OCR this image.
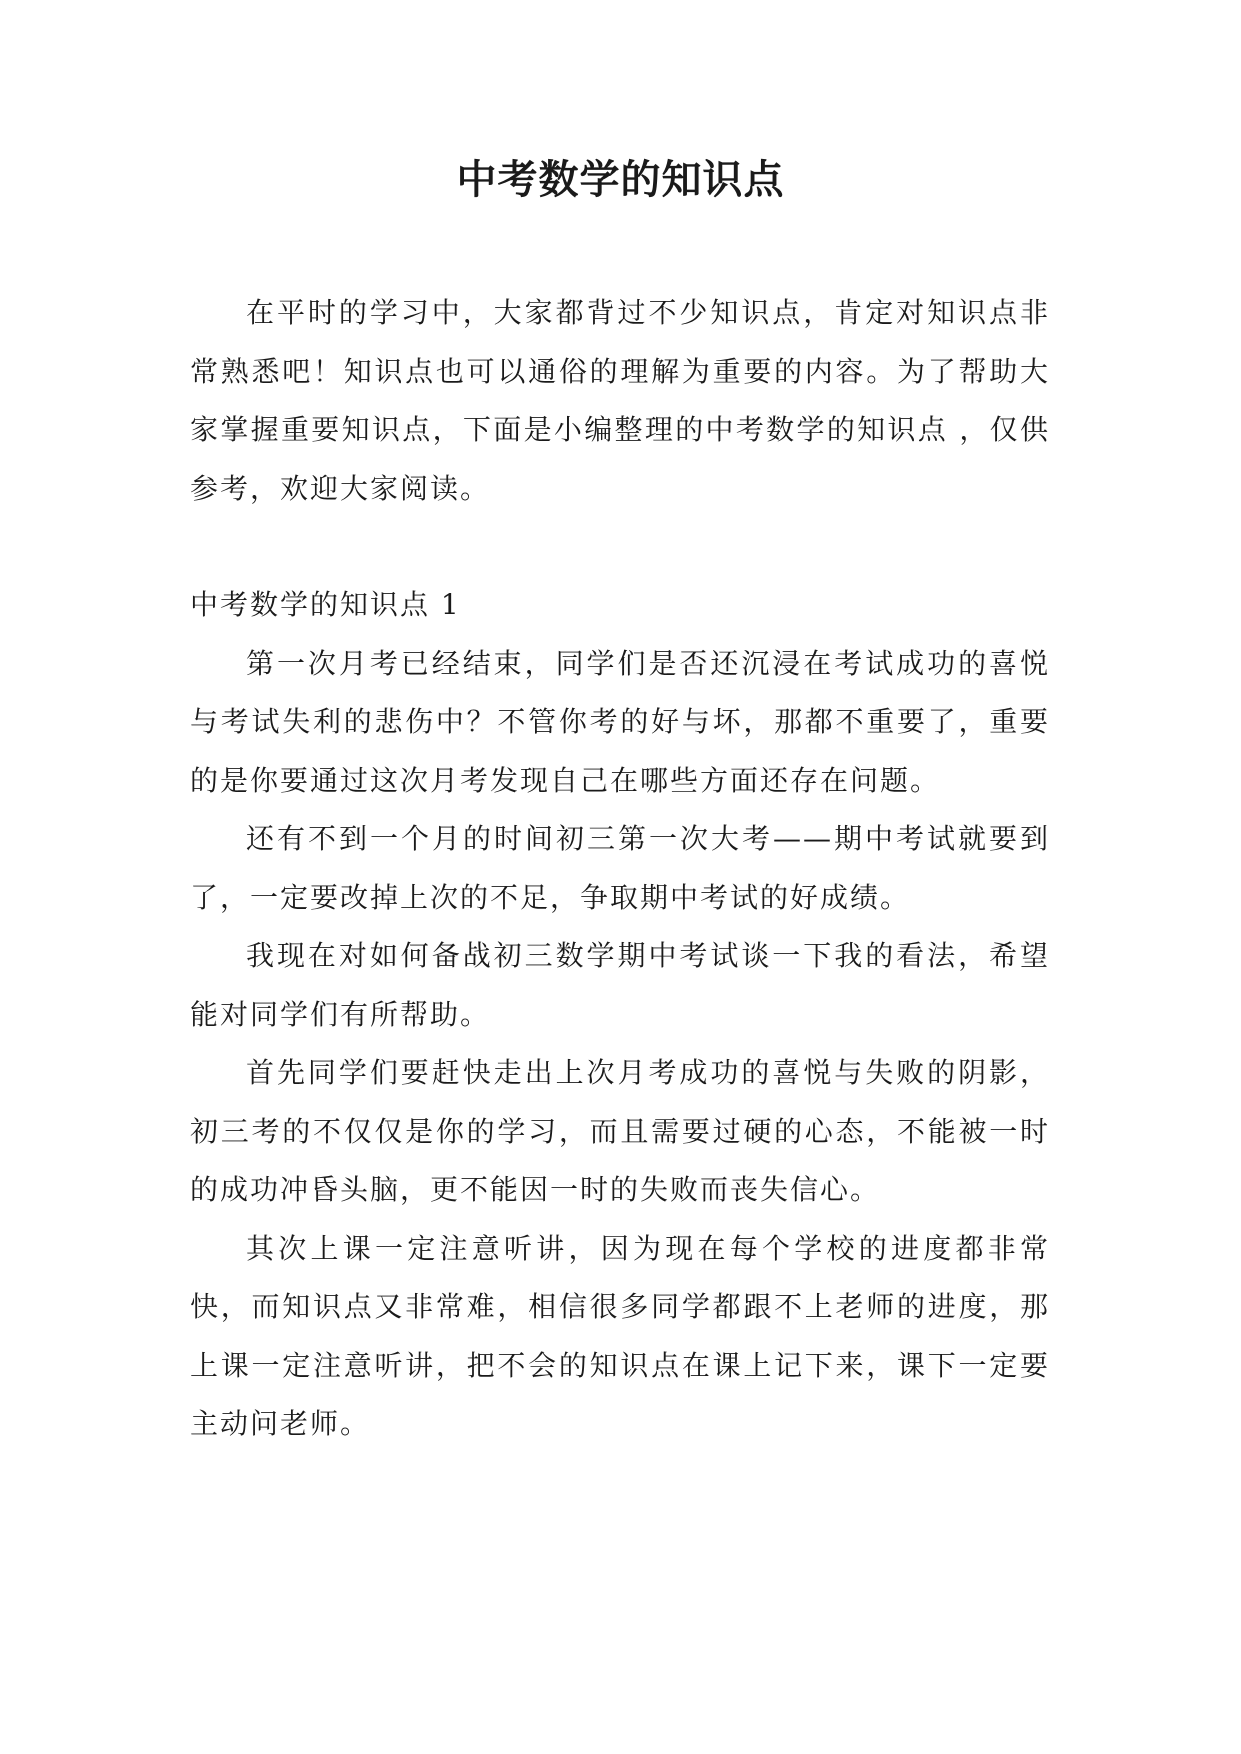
中考数学的知识点

在平时的学习中，大家都背过不少知识点，肯定对知识点非常熟悉吧！知识点也可以通俗的理解为重要的内容。为了帮助大家掌握重要知识点，下面是小编整理的中考数学的知识点 ，仅供参考，欢迎大家阅读。

中考数学的知识点 1

第一次月考已经结束，同学们是否还沉浸在考试成功的喜悦与考试失利的悲伤中？不管你考的好与坏，那都不重要了，重要的是你要通过这次月考发现自己在哪些方面还存在问题。

还有不到一个月的时间初三第一次大考——期中考试就要到了，一定要改掉上次的不足，争取期中考试的好成绩。

我现在对如何备战初三数学期中考试谈一下我的看法，希望能对同学们有所帮助。

首先同学们要赶快走出上次月考成功的喜悦与失败的阴影，初三考的不仅仅是你的学习，而且需要过硬的心态，不能被一时的成功冲昏头脑，更不能因一时的失败而丧失信心。

其次上课一定注意听讲，因为现在每个学校的进度都非常快，而知识点又非常难，相信很多同学都跟不上老师的进度，那上课一定注意听讲，把不会的知识点在课上记下来，课下一定要主动问老师。
